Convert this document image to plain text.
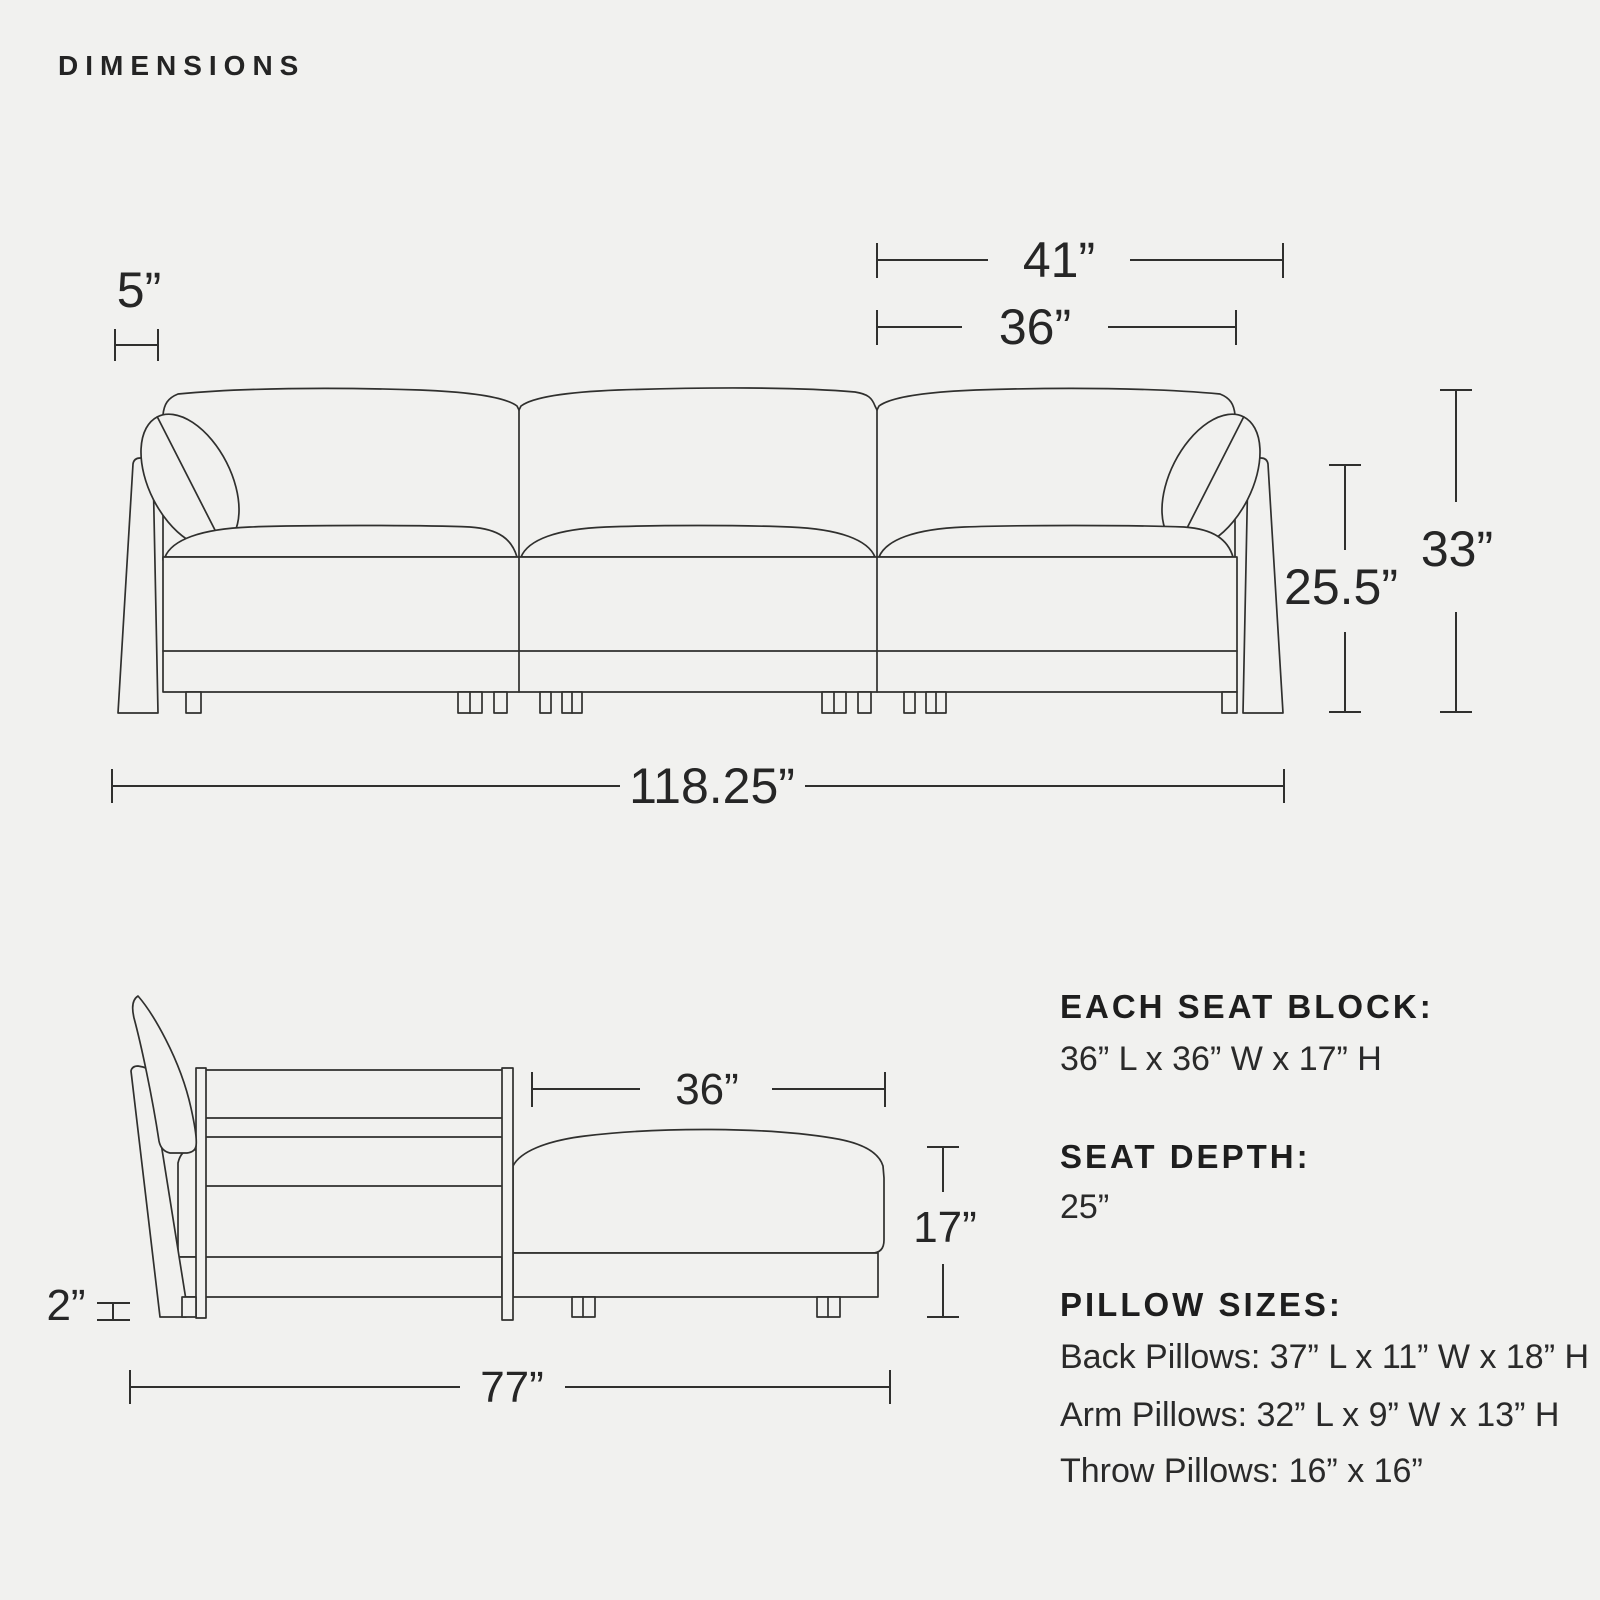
DIMENSIONS
5”
41”
36”
33”
25.5”
118.25”
36”
17”
2”
77”
EACH SEAT BLOCK:
36” L x 36” W x 17” H
SEAT DEPTH:
25”
PILLOW SIZES:
Back Pillows: 37” L x 11” W x 18” H
Arm Pillows: 32” L x 9” W x 13” H
Throw Pillows: 16” x 16”
